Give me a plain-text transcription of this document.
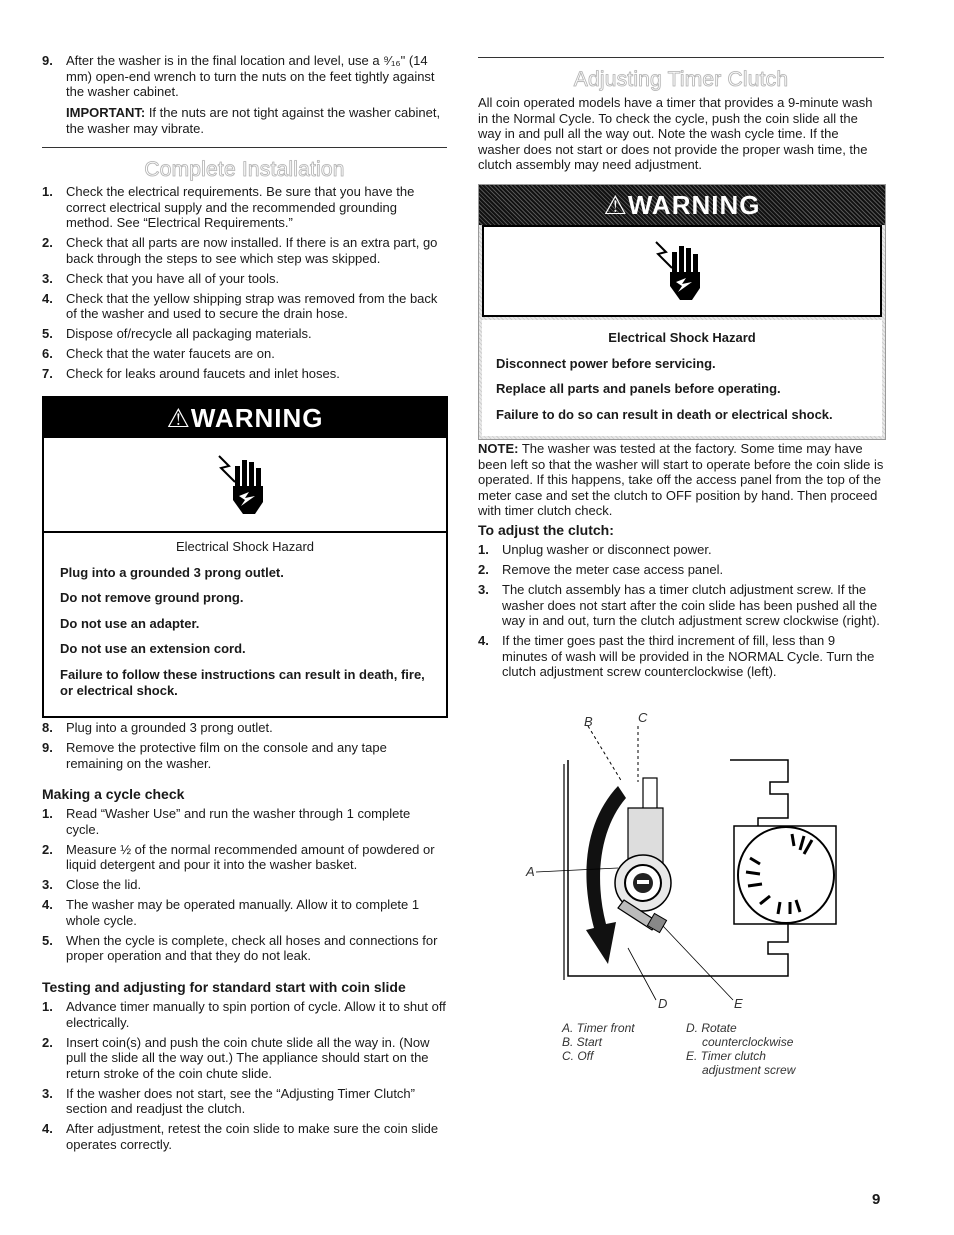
9. After the washer is in the final location and level, use a ⁹⁄₁₆" (14 mm) open-end wrench to turn the nuts on the feet tightly against the washer cabinet.

IMPORTANT: If the nuts are not tight against the washer cabinet, the washer may vibrate.

Complete Installation
1. Check the electrical requirements. Be sure that you have the correct electrical supply and the recommended grounding method. See “Electrical Requirements.”
2. Check that all parts are now installed. If there is an extra part, go back through the steps to see which step was skipped.
3. Check that you have all of your tools.
4. Check that the yellow shipping strap was removed from the back of the washer and used to secure the drain hose.
5. Dispose of/recycle all packaging materials.
6. Check that the water faucets are on.
7. Check for leaks around faucets and inlet hoses.
⚠WARNING

Electrical Shock Hazard

Plug into a grounded 3 prong outlet.

Do not remove ground prong.

Do not use an adapter.

Do not use an extension cord.

Failure to follow these instructions can result in death, fire, or electrical shock.

8. Plug into a grounded 3 prong outlet.
9. Remove the protective film on the console and any tape remaining on the washer.
Making a cycle check
1. Read “Washer Use” and run the washer through 1 complete cycle.
2. Measure ½ of the normal recommended amount of powdered or liquid detergent and pour it into the washer basket.
3. Close the lid.
4. The washer may be operated manually. Allow it to complete 1 whole cycle.
5. When the cycle is complete, check all hoses and connections for proper operation and that they do not leak.
Testing and adjusting for standard start with coin slide
1. Advance timer manually to spin portion of cycle. Allow it to shut off electrically.
2. Insert coin(s) and push the coin chute slide all the way in. (Now pull the slide all the way out.) The appliance should start on the return stroke of the coin chute slide.
3. If the washer does not start, see the “Adjusting Timer Clutch” section and readjust the clutch.
4. After adjustment, retest the coin slide to make sure the coin slide operates correctly.
Adjusting Timer Clutch

All coin operated models have a timer that provides a 9-minute wash in the Normal Cycle. To check the cycle, push the coin slide all the way in and pull all the way out. Note the wash cycle time. If the washer does not start or does not provide the proper wash time, the clutch assembly may need adjustment.

⚠WARNING

Electrical Shock Hazard

Disconnect power before servicing.

Replace all parts and panels before operating.

Failure to do so can result in death or electrical shock.

NOTE: The washer was tested at the factory. Some time may have been left so that the washer will start to operate before the coin slide is operated. If this happens, take off the access panel from the top of the meter case and set the clutch to OFF position by hand. Then proceed with timer clutch check.

To adjust the clutch:
1. Unplug washer or disconnect power.
2. Remove the meter case access panel.
3. The clutch assembly has a timer clutch adjustment screw. If the washer does not start after the coin slide has been pushed all the way in and out, turn the clutch adjustment screw clockwise (right).
4. If the timer goes past the third increment of fill, less than 9 minutes of wash will be provided in the NORMAL Cycle. Turn the clutch adjustment screw counterclockwise (left).
B	C
A
D	E
A. Timer front
B. Start
C. Off
D. Rotate
counterclockwise
E. Timer clutch
adjustment screw
9
